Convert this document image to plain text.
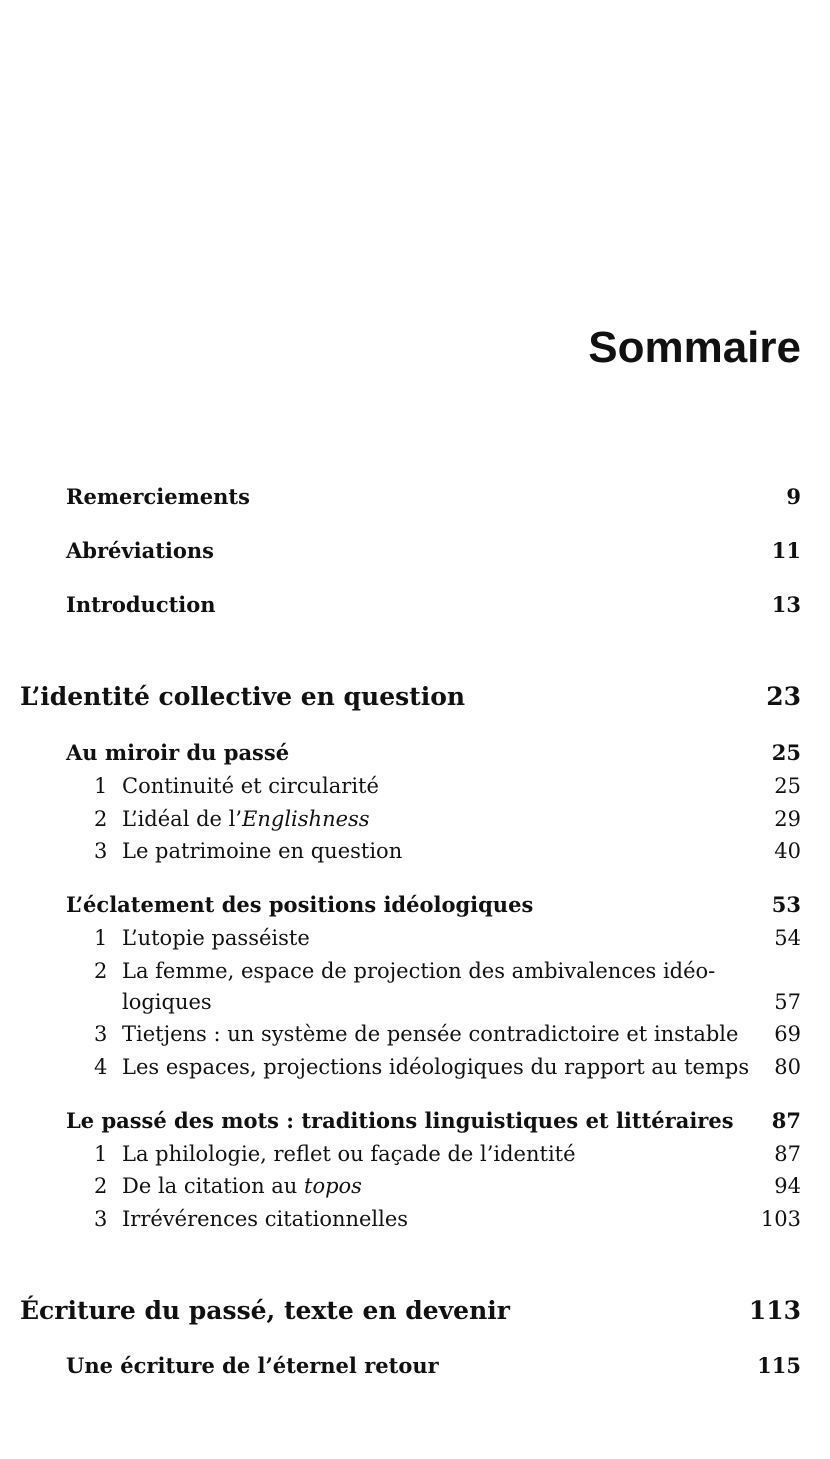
Sommaire
Remerciements	9
Abréviations	11
Introduction	13
L’identité collective en question	23
Au miroir du passé	25
1 Continuité et circularité	25
2 L’idéal de l’Englishness	29
3 Le patrimoine en question	40
L’éclatement des positions idéologiques	53
1 L’utopie passéiste	54
2 La femme, espace de projection des ambivalences idéo-
logiques	57
3 Tietjens : un système de pensée contradictoire et instable	69
4 Les espaces, projections idéologiques du rapport au temps	80
Le passé des mots : traditions linguistiques et littéraires	87
1 La philologie, reflet ou façade de l’identité	87
2 De la citation au topos	94
3 Irrévérences citationnelles	103
Écriture du passé, texte en devenir	113
Une écriture de l’éternel retour	115
